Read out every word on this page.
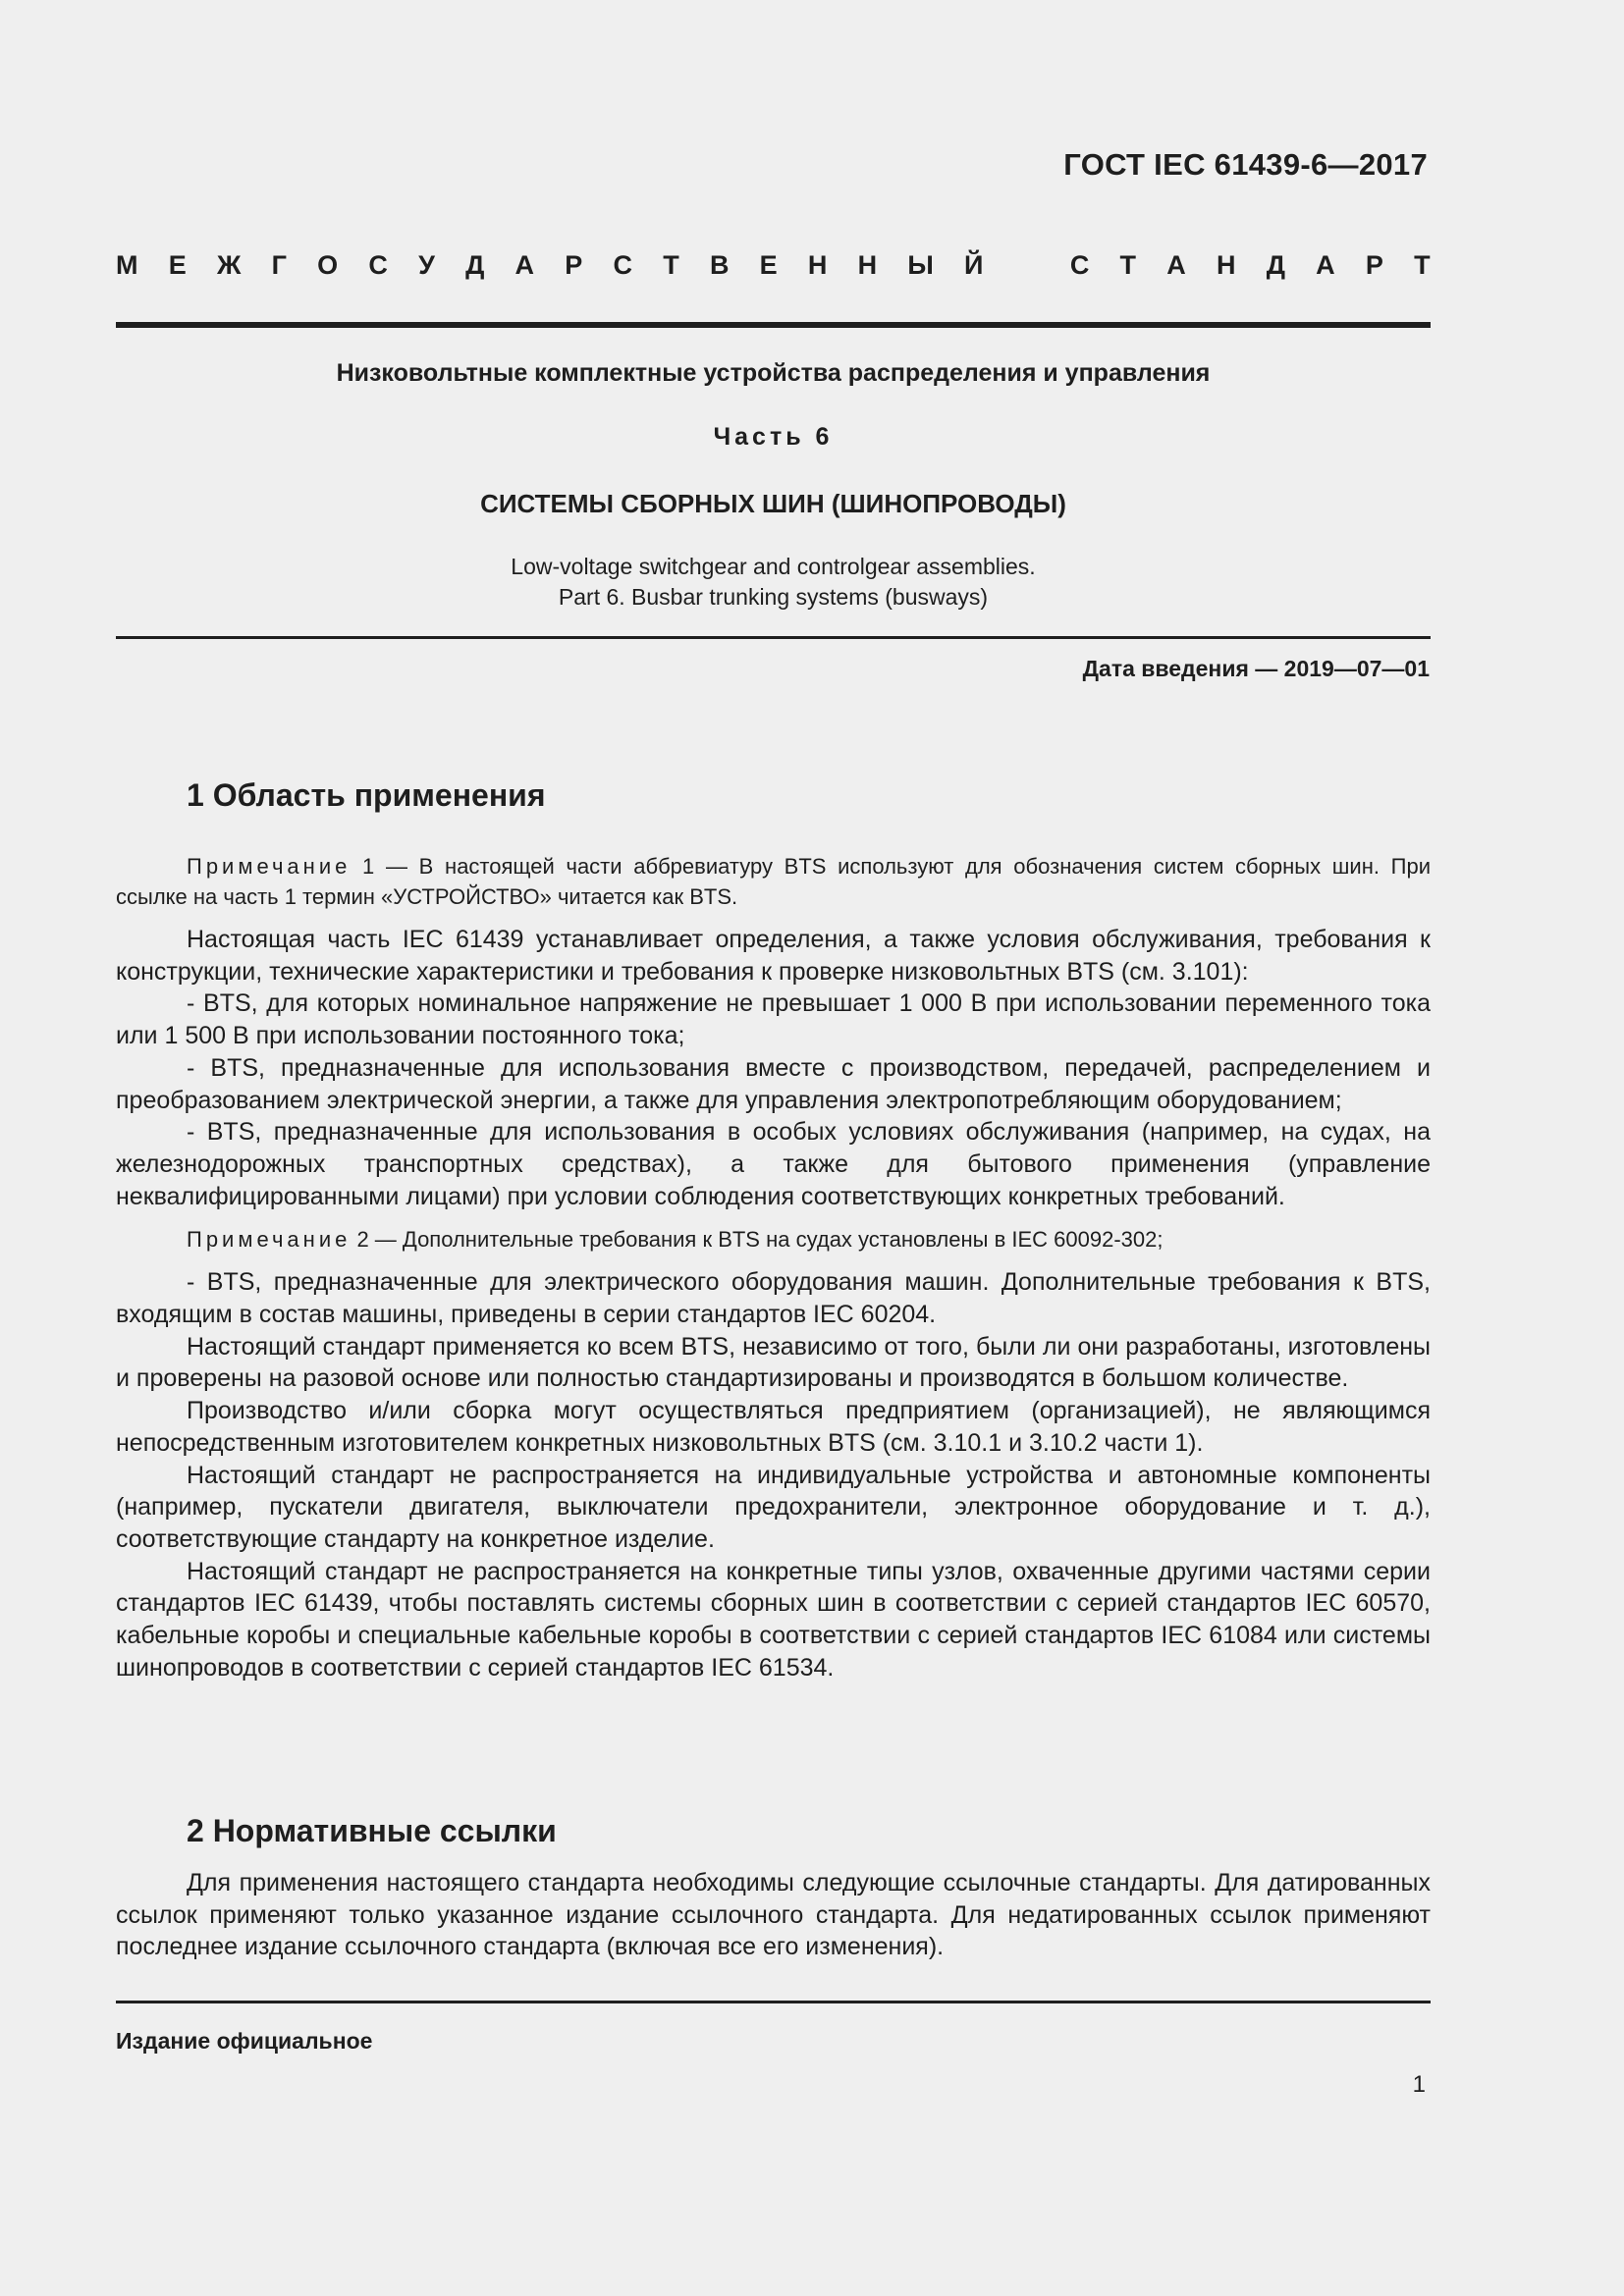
ГОСТ IEC 61439-6—2017
М Е Ж Г О С У Д А Р С Т В Е Н Н Ы Й	С Т А Н Д А Р Т
Низковольтные комплектные устройства распределения и управления
Часть 6
СИСТЕМЫ СБОРНЫХ ШИН (ШИНОПРОВОДЫ)
Low-voltage switchgear and controlgear assemblies.
Part 6. Busbar trunking systems (busways)
Дата введения — 2019—07—01
1 Область применения

Примечание 1 — В настоящей части аббревиатуру BTS используют для обозначения систем сборных шин. При ссылке на часть 1 термин «УСТРОЙСТВО» читается как BTS.

Настоящая часть IEC 61439 устанавливает определения, а также условия обслуживания, требования к конструкции, технические характеристики и требования к проверке низковольтных BTS (см. 3.101):

- BTS, для которых номинальное напряжение не превышает 1 000 В при использовании переменного тока или 1 500 В при использовании постоянного тока;

- BTS, предназначенные для использования вместе с производством, передачей, распределением и преобразованием электрической энергии, а также для управления электропотребляющим оборудованием;

- BTS, предназначенные для использования в особых условиях обслуживания (например, на судах, на железнодорожных транспортных средствах), а также для бытового применения (управление неквалифицированными лицами) при условии соблюдения соответствующих конкретных требований.

Примечание 2 — Дополнительные требования к BTS на судах установлены в IEC 60092-302;

- BTS, предназначенные для электрического оборудования машин. Дополнительные требования к BTS, входящим в состав машины, приведены в серии стандартов IEC 60204.

Настоящий стандарт применяется ко всем BTS, независимо от того, были ли они разработаны, изготовлены и проверены на разовой основе или полностью стандартизированы и производятся в большом количестве.

Производство и/или сборка могут осуществляться предприятием (организацией), не являющимся непосредственным изготовителем конкретных низковольтных BTS (см. 3.10.1 и 3.10.2 части 1).

Настоящий стандарт не распространяется на индивидуальные устройства и автономные компоненты (например, пускатели двигателя, выключатели предохранители, электронное оборудование и т. д.), соответствующие стандарту на конкретное изделие.

Настоящий стандарт не распространяется на конкретные типы узлов, охваченные другими частями серии стандартов IEC 61439, чтобы поставлять системы сборных шин в соответствии с серией стандартов IEC 60570, кабельные коробы и специальные кабельные коробы в соответствии с серией стандартов IEC 61084 или системы шинопроводов в соответствии с серией стандартов IEC 61534.

2 Нормативные ссылки

Для применения настоящего стандарта необходимы следующие ссылочные стандарты. Для датированных ссылок применяют только указанное издание ссылочного стандарта. Для недатированных ссылок применяют последнее издание ссылочного стандарта (включая все его изменения).

Издание официальное
1
